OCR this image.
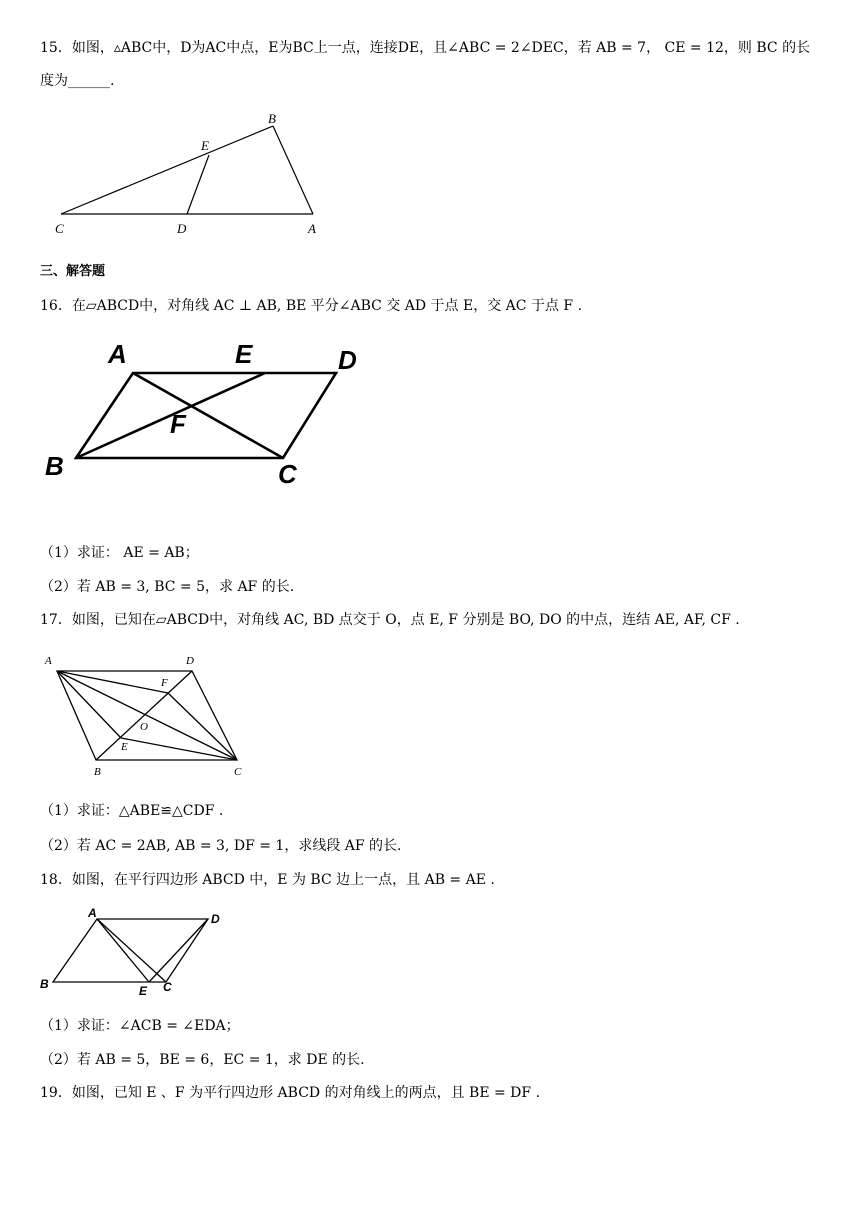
15．如图，▵ABC中，D为AC中点，E为BC上一点，连接DE，且∠ABC = 2∠DEC，若 AB = 7， CE = 12，则 BC 的长
度为______.
B
E
C	D	A
三、解答题
16．在▱ABCD中，对角线 AC ⊥ AB, BE 平分∠ABC 交 AD 于点 E，交 AC 于点 F .
A	E	D
F
B	C
（1）求证： AE = AB；
（2）若 AB = 3, BC = 5，求 AF 的长.
17．如图，已知在▱ABCD中，对角线 AC, BD 点交于 O，点 E, F 分别是 BO, DO 的中点，连结 AE, AF, CF .
A	D
F
O
E
B	C
（1）求证：△ABE≌△CDF .
（2）若 AC = 2AB, AB = 3, DF = 1，求线段 AF 的长.
18．如图，在平行四边形 ABCD 中，E 为 BC 边上一点，且 AB = AE .
A	D
B	E C
（1）求证：∠ACB = ∠EDA；
（2）若 AB = 5，BE = 6，EC = 1，求 DE 的长.
19．如图，已知 E 、F 为平行四边形 ABCD 的对角线上的两点，且 BE = DF .
